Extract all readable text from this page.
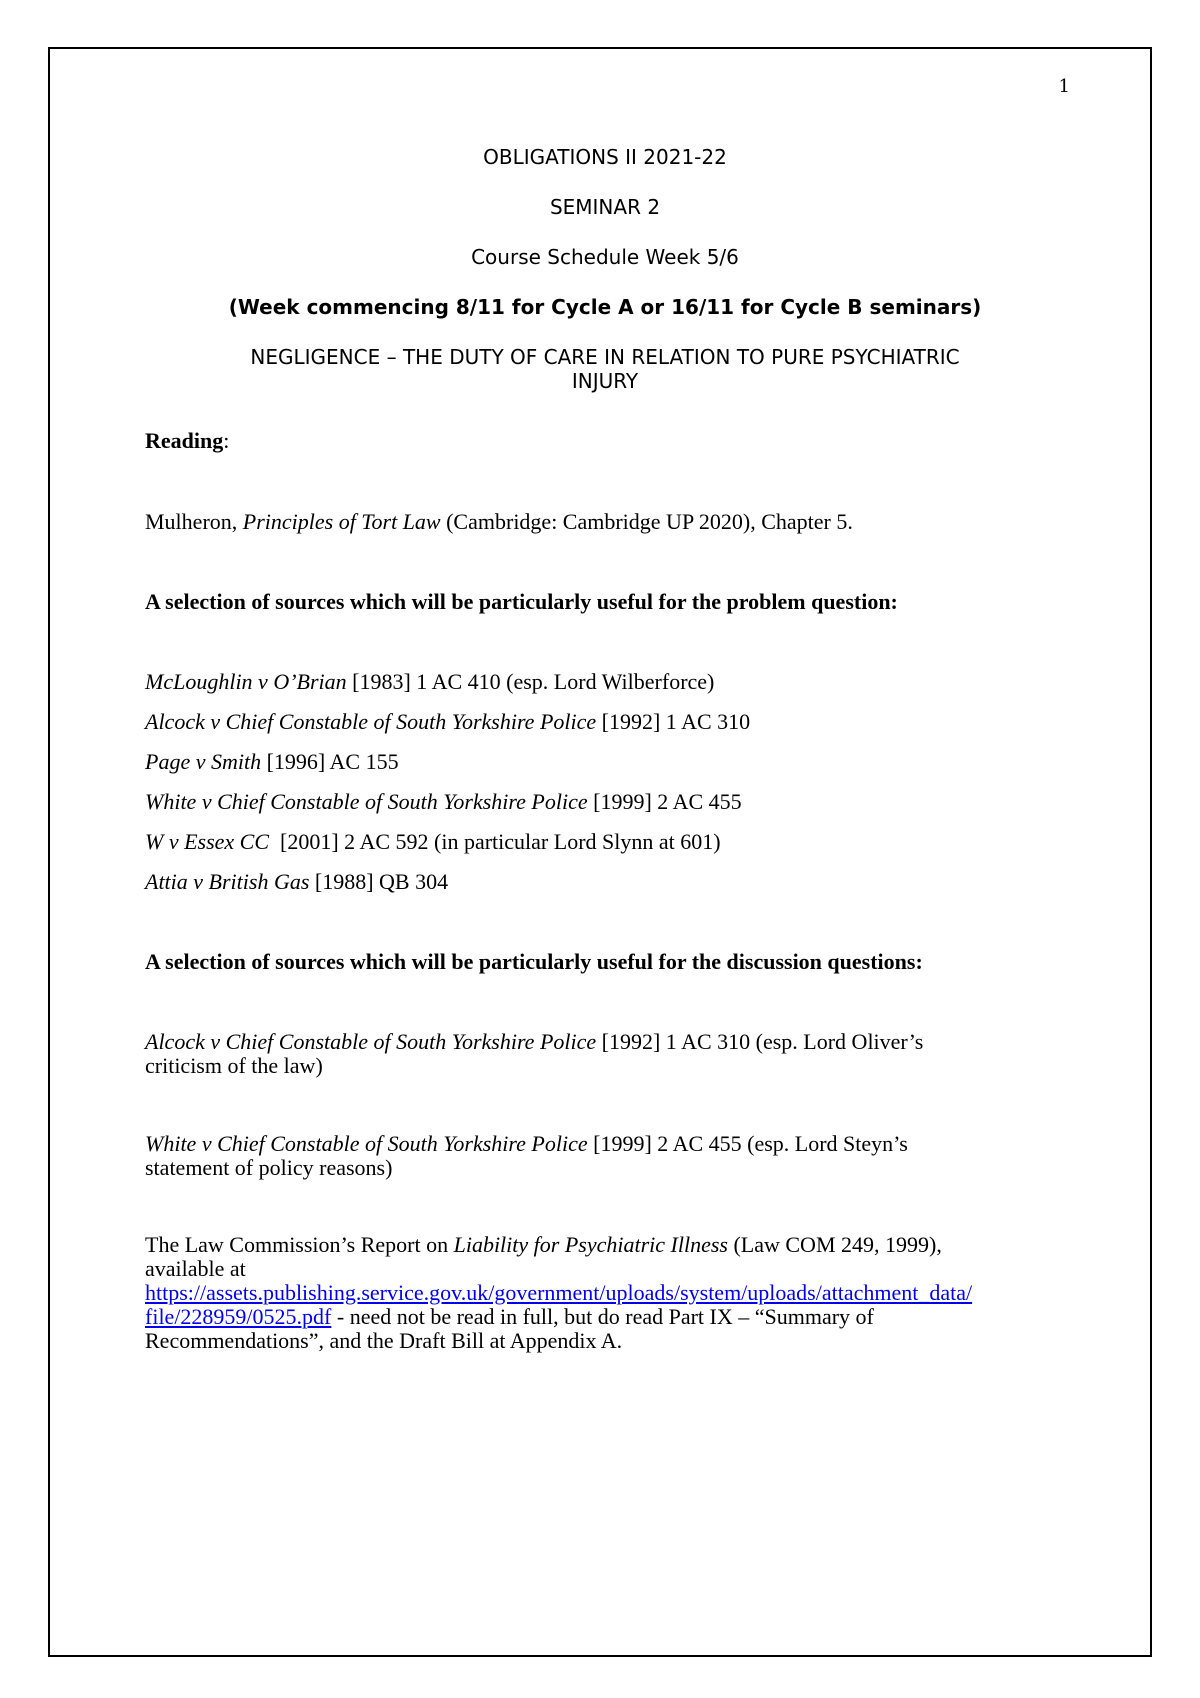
1
OBLIGATIONS II 2021-22
SEMINAR 2
Course Schedule Week 5/6
(Week commencing 8/11 for Cycle A or 16/11 for Cycle B seminars)
NEGLIGENCE – THE DUTY OF CARE IN RELATION TO PURE PSYCHIATRIC
INJURY
Reading:
Mulheron, Principles of Tort Law (Cambridge: Cambridge UP 2020), Chapter 5.
A selection of sources which will be particularly useful for the problem question:
McLoughlin v O’Brian [1983] 1 AC 410 (esp. Lord Wilberforce)
Alcock v Chief Constable of South Yorkshire Police [1992] 1 AC 310
Page v Smith [1996] AC 155
White v Chief Constable of South Yorkshire Police [1999] 2 AC 455
W v Essex CC  [2001] 2 AC 592 (in particular Lord Slynn at 601)
Attia v British Gas [1988] QB 304
A selection of sources which will be particularly useful for the discussion questions:
Alcock v Chief Constable of South Yorkshire Police [1992] 1 AC 310 (esp. Lord Oliver’s
criticism of the law)
White v Chief Constable of South Yorkshire Police [1999] 2 AC 455 (esp. Lord Steyn’s
statement of policy reasons)
The Law Commission’s Report on Liability for Psychiatric Illness (Law COM 249, 1999),
available at
https://assets.publishing.service.gov.uk/government/uploads/system/uploads/attachment_data/
file/228959/0525.pdf - need not be read in full, but do read Part IX – “Summary of
Recommendations”, and the Draft Bill at Appendix A.
